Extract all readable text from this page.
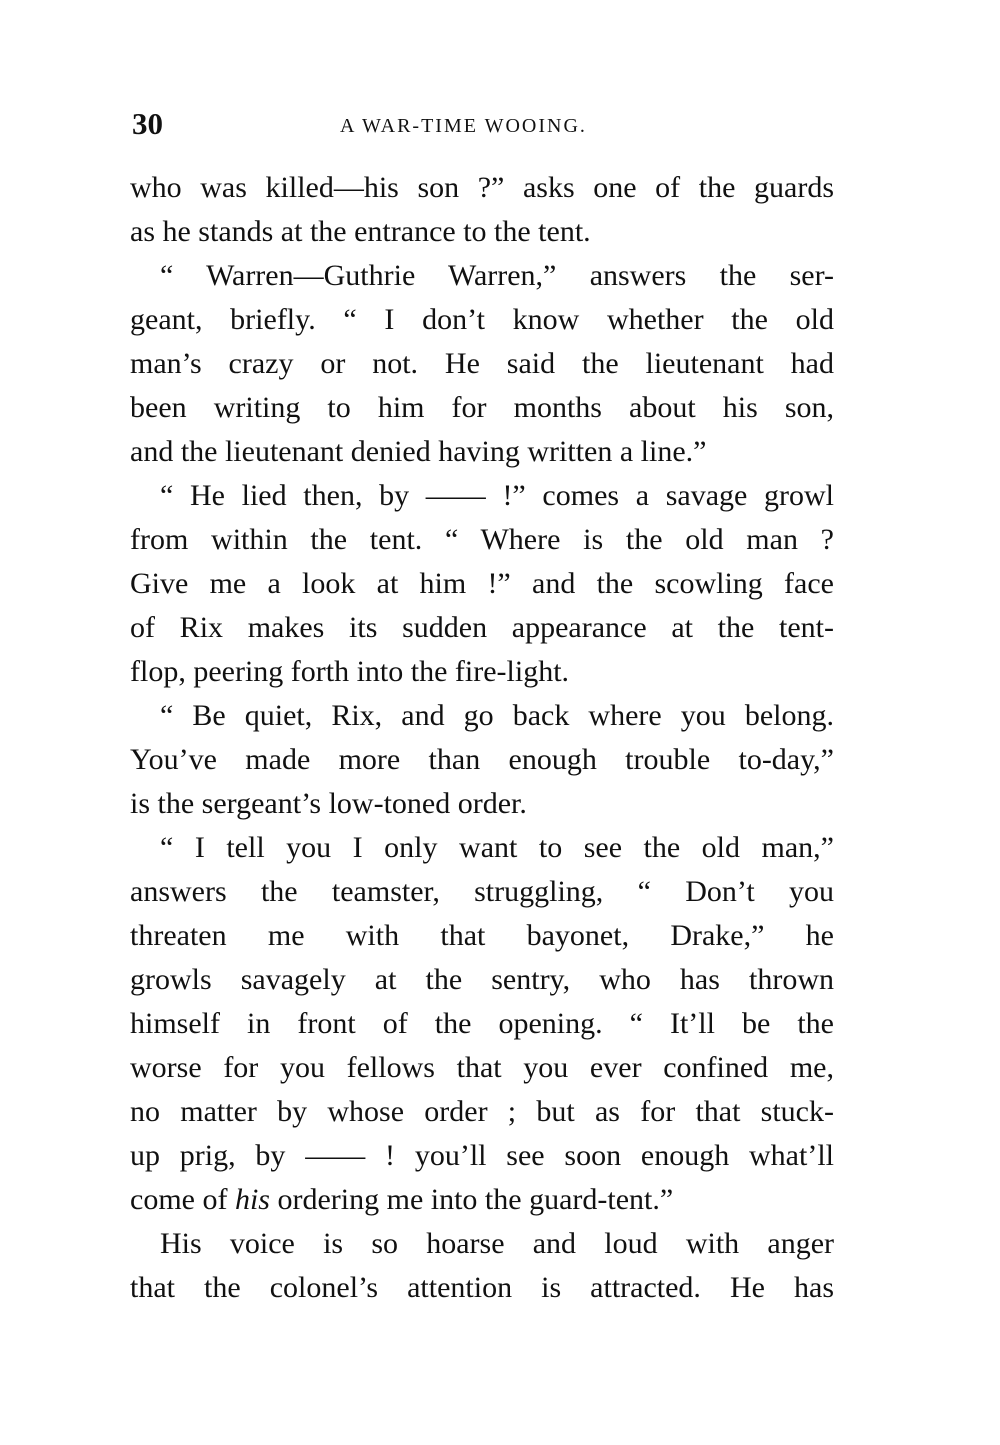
30	A WAR-TIME WOOING.

who was killed—his son ?” asks one of the guards
as he stands at the entrance to the tent.

“ Warren—Guthrie Warren,” answers the ser-
geant, briefly. “ I don’t know whether the old
man’s crazy or not. He said the lieutenant had
been writing to him for months about his son,
and the lieutenant denied having written a line.”

“ He lied then, by —— !” comes a savage growl
from within the tent. “ Where is the old man ?
Give me a look at him !” and the scowling face
of Rix makes its sudden appearance at the tent-
flop, peering forth into the fire-light.

“ Be quiet, Rix, and go back where you belong.
You’ve made more than enough trouble to-day,”
is the sergeant’s low-toned order.

“ I tell you I only want to see the old man,”
answers the teamster, struggling, “ Don’t you
threaten me with that bayonet, Drake,” he
growls savagely at the sentry, who has thrown
himself in front of the opening. “ It’ll be the
worse for you fellows that you ever confined me,
no matter by whose order ; but as for that stuck-
up prig, by —— ! you’ll see soon enough what’ll
come of his ordering me into the guard-tent.”

His voice is so hoarse and loud with anger
that the colonel’s attention is attracted. He has
